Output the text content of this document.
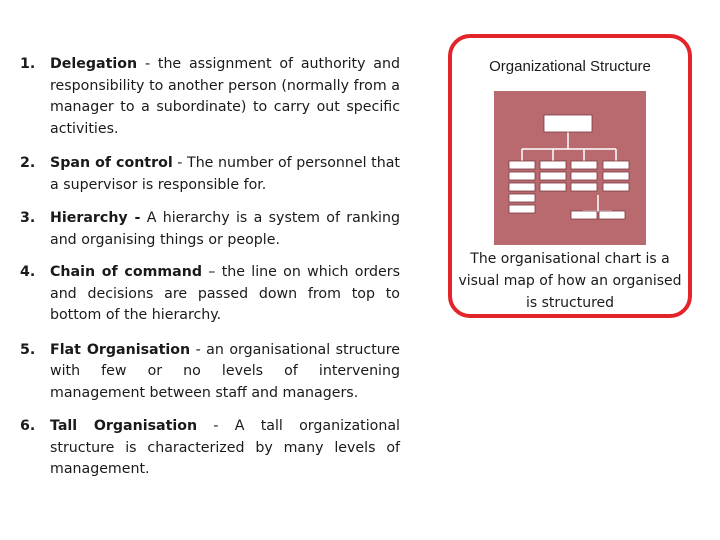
1. Delegation - the assignment of authority and responsibility to another person (normally from a manager to a subordinate) to carry out specific activities.
2. Span of control - The number of personnel that a supervisor is responsible for.
3. Hierarchy - A hierarchy is a system of ranking and organising things or people.
4. Chain of command – the line on which orders and decisions are passed down from top to bottom of the hierarchy.
5. Flat Organisation - an organisational structure with few or no levels of intervening management between staff and managers.
6. Tall Organisation - A tall organizational structure is characterized by many levels of management.
Organizational Structure
The organisational chart is a visual map of how an organised is structured
